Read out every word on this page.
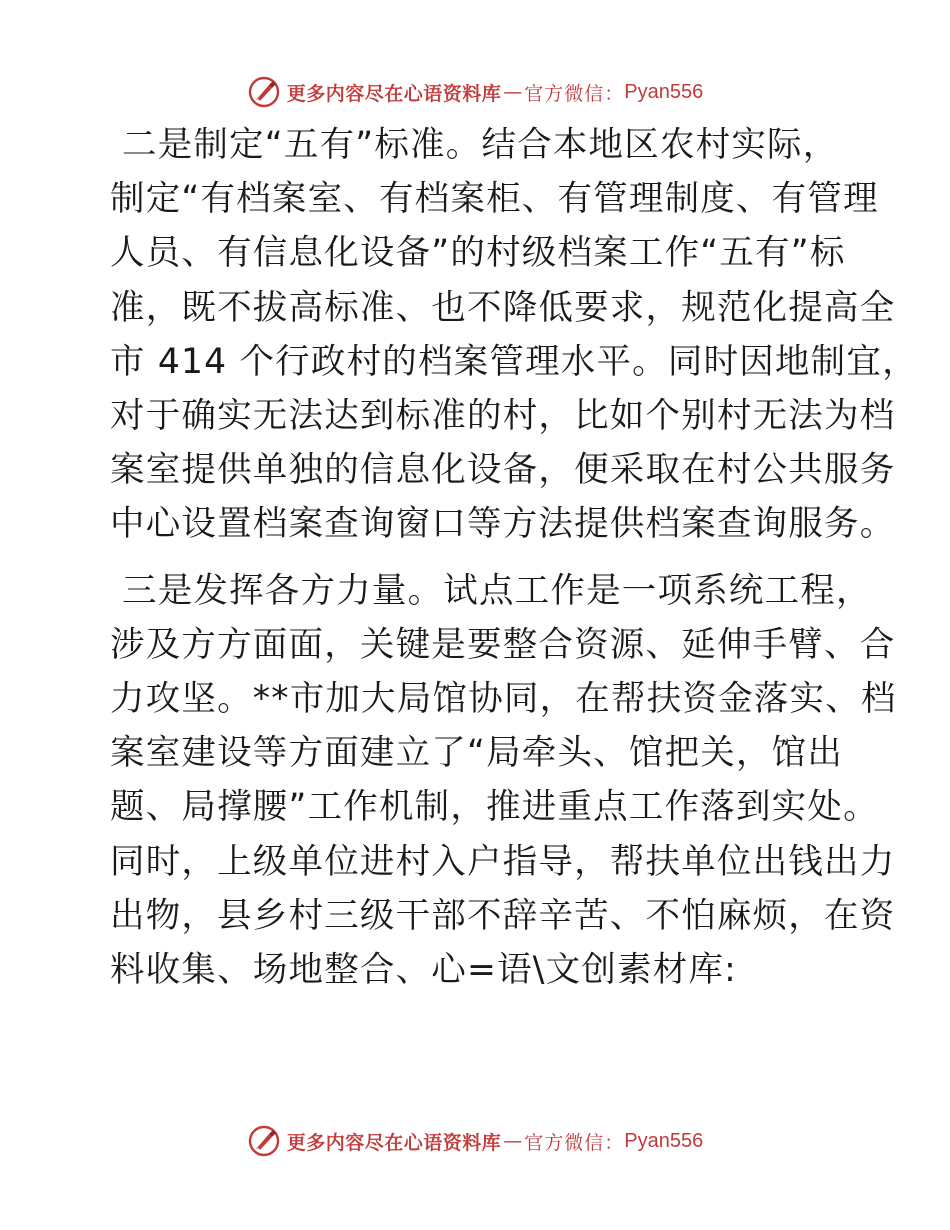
更多内容尽在心语资料库 — 官方微信： Pyan556

二是制定“五有”标准。结合本地区农村实际，
制定“有档案室、有档案柜、有管理制度、有管理
人员、有信息化设备”的村级档案工作“五有”标
准，既不拔高标准、也不降低要求，规范化提高全
市 414 个行政村的档案管理水平。同时因地制宜，
对于确实无法达到标准的村，比如个别村无法为档
案室提供单独的信息化设备，便采取在村公共服务
中心设置档案查询窗口等方法提供档案查询服务。

三是发挥各方力量。试点工作是一项系统工程，
涉及方方面面，关键是要整合资源、延伸手臂、合
力攻坚。**市加大局馆协同，在帮扶资金落实、档
案室建设等方面建立了“局牵头、馆把关，馆出
题、局撑腰”工作机制，推进重点工作落到实处。
同时，上级单位进村入户指导，帮扶单位出钱出力
出物，县乡村三级干部不辞辛苦、不怕麻烦，在资
料收集、场地整合、心=语\文创素材库:

更多内容尽在心语资料库 — 官方微信： Pyan556
